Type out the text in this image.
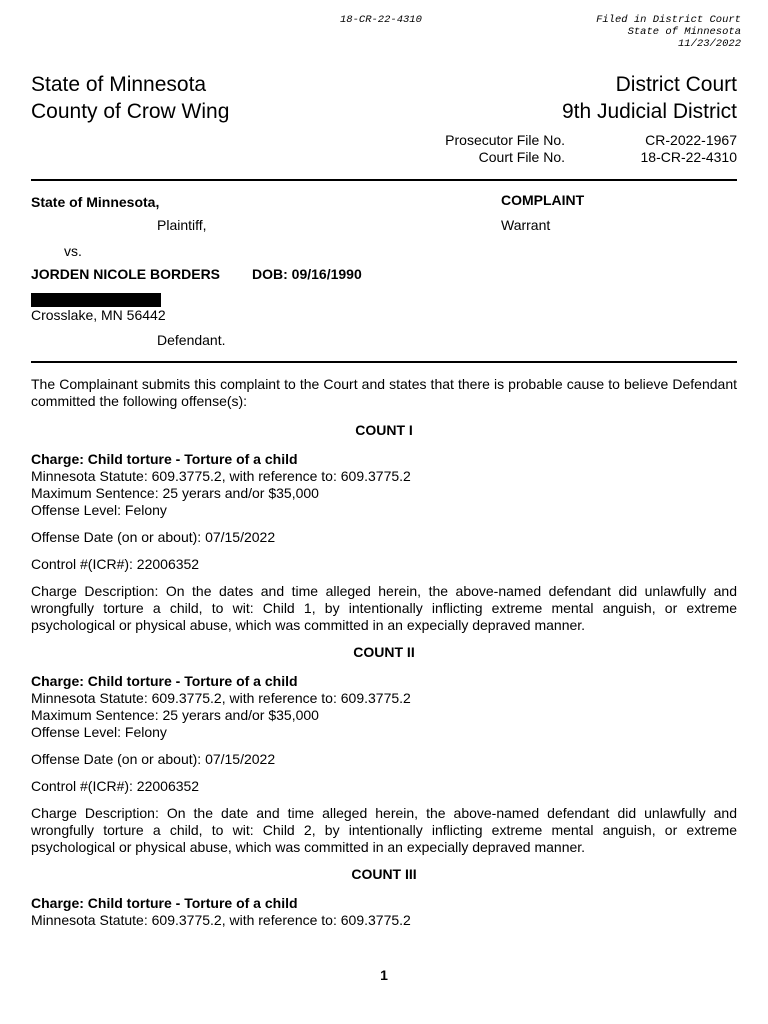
18-CR-22-4310	Filed in District Court
State of Minnesota
11/23/2022
State of Minnesota
County of Crow Wing
District Court
9th Judicial District
Prosecutor File No.
Court File No.
CR-2022-1967
18-CR-22-4310
State of Minnesota,
Plaintiff,
vs.
JORDEN NICOLE BORDERS DOB: 09/16/1990
Crosslake, MN 56442
Defendant.
COMPLAINT
Warrant

The Complainant submits this complaint to the Court and states that there is probable cause to believe Defendant committed the following offense(s):

COUNT I

Charge: Child torture - Torture of a child

Minnesota Statute: 609.3775.2, with reference to: 609.3775.2

Maximum Sentence: 25 yerars and/or $35,000

Offense Level: Felony

Offense Date (on or about): 07/15/2022

Control #(ICR#): 22006352

Charge Description: On the dates and time alleged herein, the above-named defendant did unlawfully and wrongfully torture a child, to wit: Child 1, by intentionally inflicting extreme mental anguish, or extreme psychological or physical abuse, which was committed in an expecially depraved manner.

COUNT II

Charge: Child torture - Torture of a child

Minnesota Statute: 609.3775.2, with reference to: 609.3775.2

Maximum Sentence: 25 yerars and/or $35,000

Offense Level: Felony

Offense Date (on or about): 07/15/2022

Control #(ICR#): 22006352

Charge Description: On the date and time alleged herein, the above-named defendant did unlawfully and wrongfully torture a child, to wit: Child 2, by intentionally inflicting extreme mental anguish, or extreme psychological or physical abuse, which was committed in an expecially depraved manner.

COUNT III

Charge: Child torture - Torture of a child

Minnesota Statute: 609.3775.2, with reference to: 609.3775.2

1
